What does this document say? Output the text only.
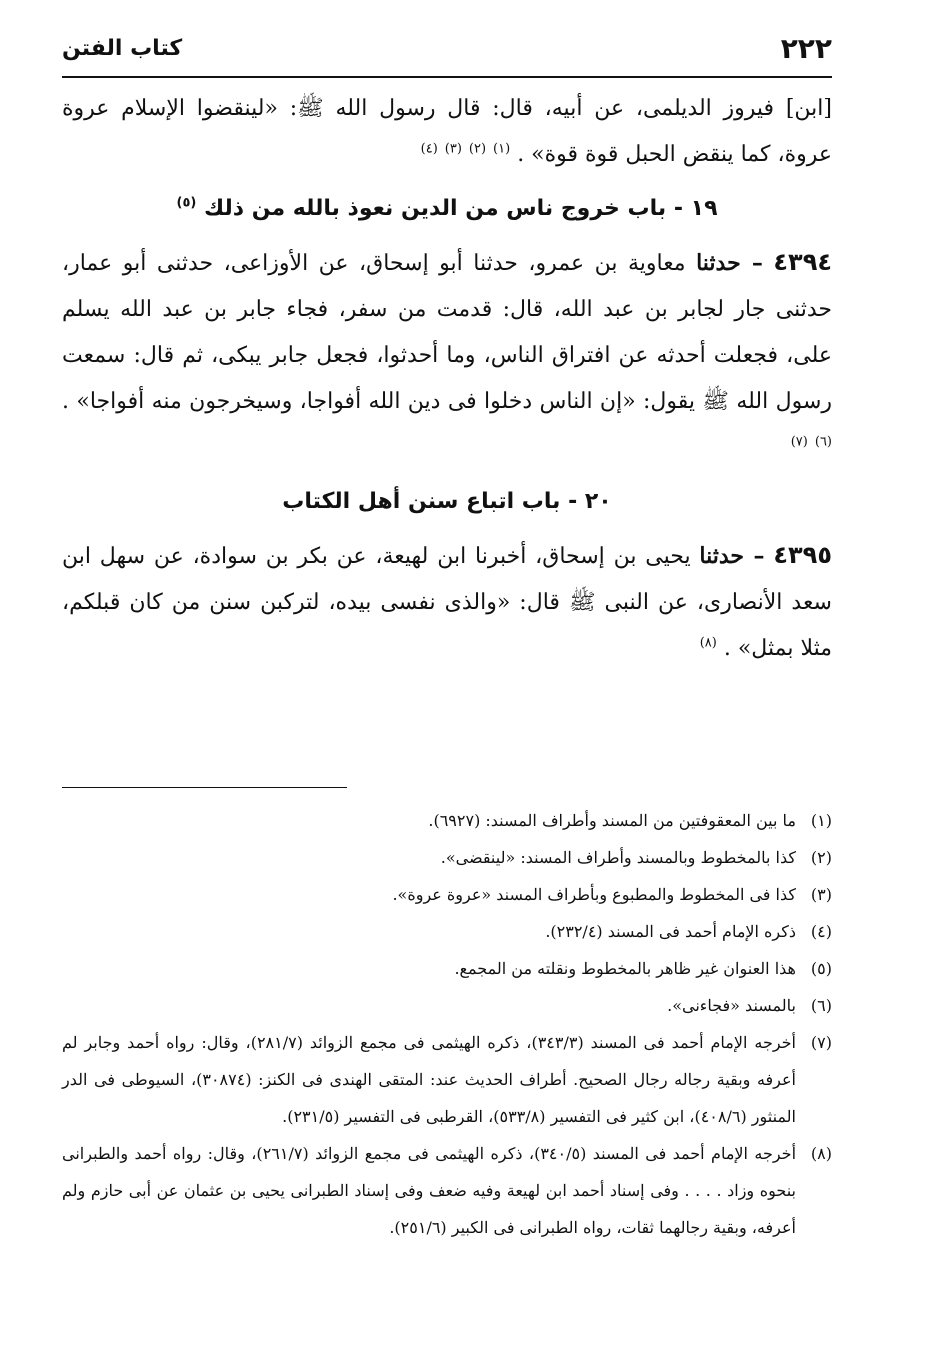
٢٢٢
كتاب الفتن

[ابن] فيروز الديلمى، عن أبيه، قال: قال رسول الله ﷺ: «لينقضوا الإسلام عروة عروة، كما ينقض الحبل قوة قوة» . $^{(١)}$ $^{(٢)}$ $^{(٣)}$ $^{(٤)}$

١٩ - باب خروج ناس من الدين نعوذ بالله من ذلك $^{(٥)}$

٤٣٩٤ – حدثنا معاوية بن عمرو، حدثنا أبو إسحاق، عن الأوزاعى، حدثنى أبو عمار، حدثنى جار لجابر بن عبد الله، قال: قدمت من سفر، فجاء جابر بن عبد الله يسلم على، فجعلت أحدثه عن افتراق الناس، وما أحدثوا، فجعل جابر يبكى، ثم قال: سمعت رسول الله ﷺ يقول: «إن الناس دخلوا فى دين الله أفواجا، وسيخرجون منه أفواجا» . $^{(٦)}$ $^{(٧)}$

٢٠ - باب اتباع سنن أهل الكتاب

٤٣٩٥ – حدثنا يحيى بن إسحاق، أخبرنا ابن لهيعة، عن بكر بن سوادة، عن سهل ابن سعد الأنصارى، عن النبى ﷺ قال: «والذى نفسى بيده، لتركبن سنن من كان قبلكم، مثلا بمثل» . $^{(٨)}$

(١)
ما بين المعقوفتين من المسند وأطراف المسند: (٦٩٢٧).

(٢)
كذا بالمخطوط وبالمسند وأطراف المسند: «لينقضى».

(٣)
كذا فى المخطوط والمطبوع وبأطراف المسند «عروة عروة».

(٤)
ذكره الإمام أحمد فى المسند (٢٣٢/٤).

(٥)
هذا العنوان غير ظاهر بالمخطوط ونقلته من المجمع.

(٦)
بالمسند «فجاءنى».

(٧)
أخرجه الإمام أحمد فى المسند (٣٤٣/٣)، ذكره الهيثمى فى مجمع الزوائد (٢٨١/٧)، وقال: رواه أحمد وجابر لم أعرفه وبقية رجاله رجال الصحيح. أطراف الحديث عند: المتقى الهندى فى الكنز: (٣٠٨٧٤)، السيوطى فى الدر المنثور (٤٠٨/٦)، ابن كثير فى التفسير (٥٣٣/٨)، القرطبى فى التفسير (٢٣١/٥).

(٨)
أخرجه الإمام أحمد فى المسند (٣٤٠/٥)، ذكره الهيثمى فى مجمع الزوائد (٢٦١/٧)، وقال: رواه أحمد والطبرانى بنحوه وزاد . . . . وفى إسناد أحمد ابن لهيعة وفيه ضعف وفى إسناد الطبرانى يحيى بن عثمان عن أبى حازم ولم أعرفه، وبقية رجالهما ثقات، رواه الطبرانى فى الكبير (٢٥١/٦).
